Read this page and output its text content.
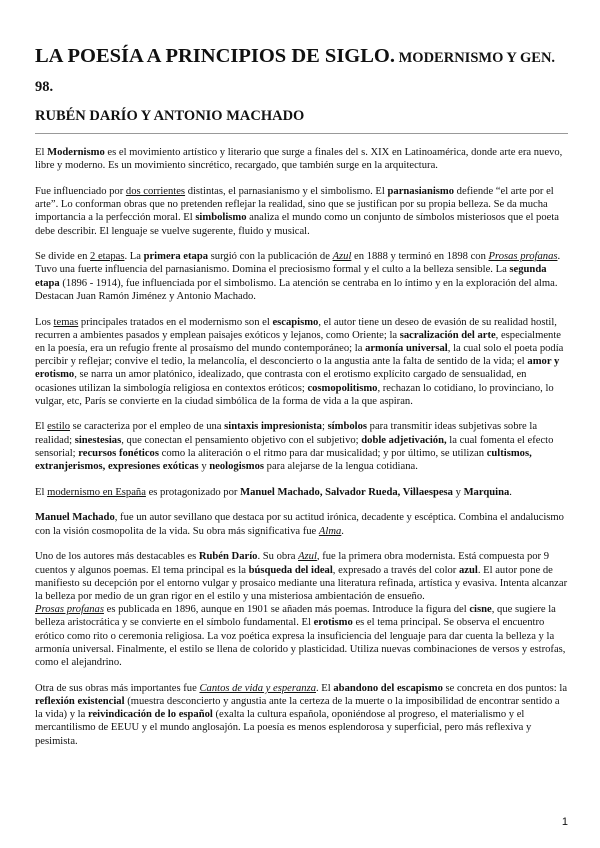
LA POESÍA A PRINCIPIOS DE SIGLO. MODERNISMO Y GEN. 98.
RUBÉN DARÍO Y ANTONIO MACHADO

El Modernismo es el movimiento artístico y literario que surge a finales del s. XIX en Latinoamérica, donde arte era nuevo, libre y moderno. Es un movimiento sincrético, recargado, que también surge en la arquitectura.

Fue influenciado por dos corrientes distintas, el parnasianismo y el simbolismo. El parnasianismo defiende “el arte por el arte”. Lo conforman obras que no pretenden reflejar la realidad, sino que se justifican por su propia belleza. Se da mucha importancia a la perfección moral. El simbolismo analiza el mundo como un conjunto de símbolos misteriosos que el poeta debe describir. El lenguaje se vuelve sugerente, fluido y musical.

Se divide en 2 etapas. La primera etapa surgió con la publicación de Azul en 1888 y terminó en 1898 con Prosas profanas. Tuvo una fuerte influencia del parnasianismo. Domina el preciosismo formal y el culto a la belleza sensible. La segunda etapa (1896 - 1914), fue influenciada por el simbolismo. La atención se centraba en lo íntimo y en la exploración del alma. Destacan Juan Ramón Jiménez y Antonio Machado.

Los temas principales tratados en el modernismo son el escapismo, el autor tiene un deseo de evasión de su realidad hostil, recurren a ambientes pasados y emplean paisajes exóticos y lejanos, como Oriente; la sacralización del arte, especialmente en la poesía, era un refugio frente al prosaísmo del mundo contemporáneo; la armonía universal, la cual solo el poeta podía percibir y reflejar; convive el tedio, la melancolía, el desconcierto o la angustia ante la falta de sentido de la vida; el amor y erotismo, se narra un amor platónico, idealizado, que contrasta con el erotismo explícito cargado de sensualidad, en ocasiones utilizan la simbología religiosa en contextos eróticos; cosmopolitismo, rechazan lo cotidiano, lo provinciano, lo vulgar, etc, París se convierte en la ciudad simbólica de la forma de vida a la que aspiran.

El estilo se caracteriza por el empleo de una sintaxis impresionista; símbolos para transmitir ideas subjetivas sobre la realidad; sinestesias, que conectan el pensamiento objetivo con el subjetivo; doble adjetivación, la cual fomenta el efecto sensorial; recursos fonéticos como la aliteración o el ritmo para dar musicalidad; y por último, se utilizan cultismos, extranjerismos, expresiones exóticas y neologismos para alejarse de la lengua cotidiana.

El modernismo en España es protagonizado por Manuel Machado, Salvador Rueda, Villaespesa y Marquina.

Manuel Machado, fue un autor sevillano que destaca por su actitud irónica, decadente y escéptica. Combina el andalucismo con la visión cosmopolita de la vida. Su obra más significativa fue Alma.

Uno de los autores más destacables es Rubén Darío. Su obra Azul, fue la primera obra modernista. Está compuesta por 9 cuentos y algunos poemas. El tema principal es la búsqueda del ideal, expresado a través del color azul. El autor pone de manifiesto su decepción por el entorno vulgar y prosaico mediante una literatura refinada, artística y evasiva. Intenta alcanzar la belleza por medio de un gran rigor en el estilo y una misteriosa ambientación de ensueño.
Prosas profanas es publicada en 1896, aunque en 1901 se añaden más poemas. Introduce la figura del cisne, que sugiere la belleza aristocrática y se convierte en el símbolo fundamental. El erotismo es el tema principal. Se observa el encuentro erótico como rito o ceremonia religiosa. La voz poética expresa la insuficiencia del lenguaje para dar cuenta la belleza y la armonía universal. Finalmente, el estilo se llena de colorido y plasticidad. Utiliza nuevas combinaciones de versos y estrofas, como el alejandrino.

Otra de sus obras más importantes fue Cantos de vida y esperanza. El abandono del escapismo se concreta en dos puntos: la reflexión existencial (muestra desconcierto y angustia ante la certeza de la muerte o la imposibilidad de encontrar sentido a la vida) y la reivindicación de lo español (exalta la cultura española, oponiéndose al progreso, el materialismo y el mercantilismo de EEUU y el mundo anglosajón. La poesía es menos esplendorosa y superficial, pero más reflexiva y pesimista.

1
